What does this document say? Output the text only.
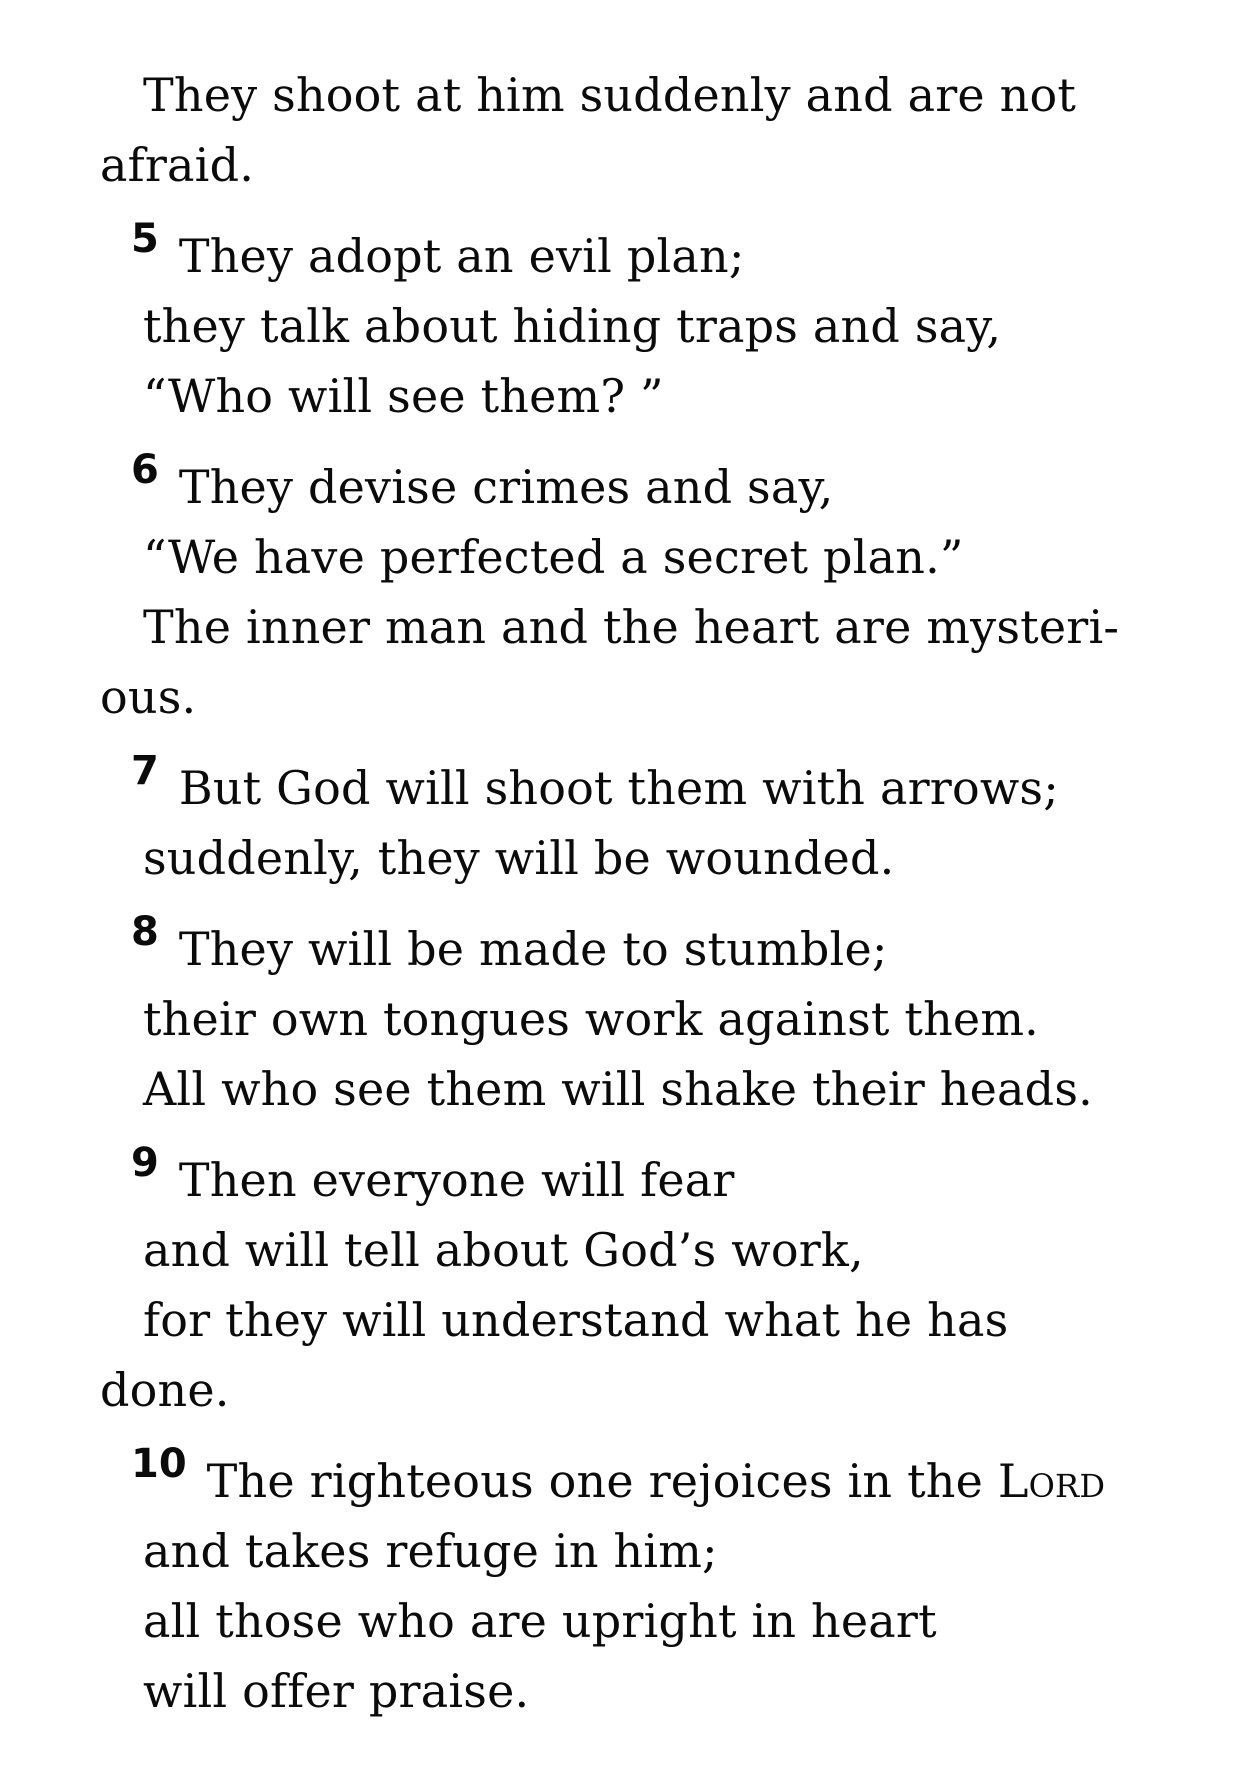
They shoot at him suddenly and are not
afraid.
5 They adopt an evil plan;
they talk about hiding traps and say,
“Who will see them? ”
6 They devise crimes and say,
“We have perfected a secret plan.”
The inner man and the heart are mysteri-
ous.
7 But God will shoot them with arrows;
suddenly, they will be wounded.
8 They will be made to stumble;
their own tongues work against them.
All who see them will shake their heads.
9 Then everyone will fear
and will tell about God’s work,
for they will understand what he has
done.
10 The righteous one rejoices in the Lord
and takes refuge in him;
all those who are upright in heart
will offer praise.
